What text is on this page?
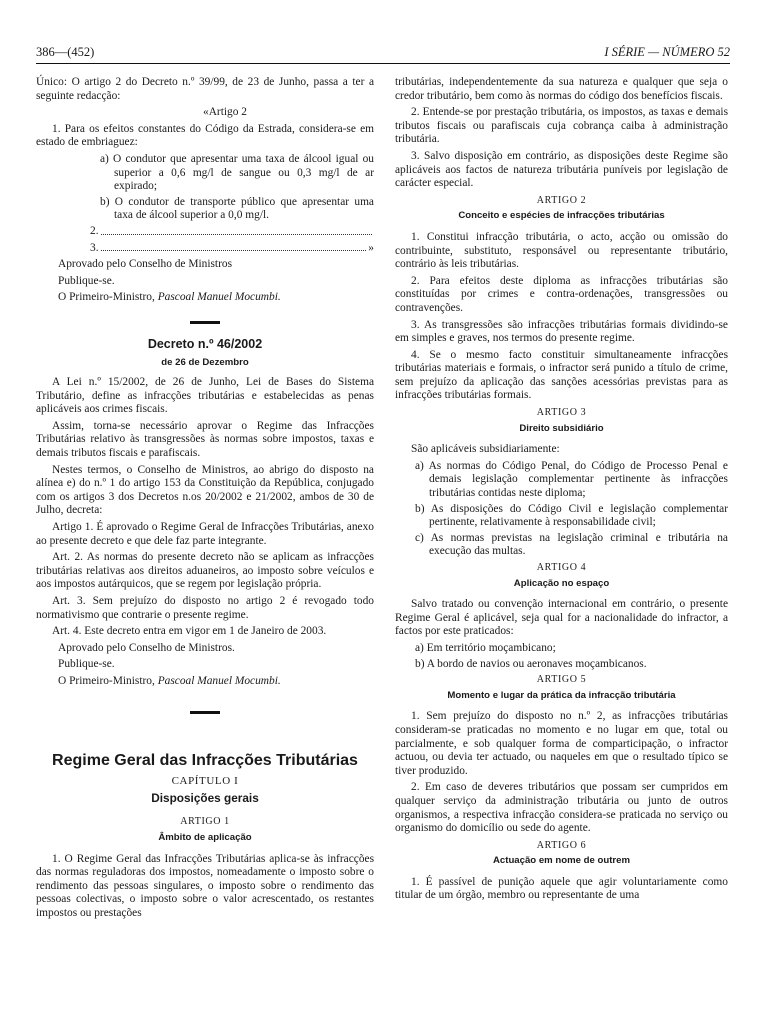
386—(452)	I SÉRIE — NÚMERO 52

Único: O artigo 2 do Decreto n.º 39/99, de 23 de Junho, passa a ter a seguinte redacção:

«Artigo 2

1. Para os efeitos constantes do Código da Estrada, considera-se em estado de embriaguez:

a) O condutor que apresentar uma taxa de álcool igual ou superior a 0,6 mg/l de sangue ou 0,3 mg/l de ar expirado;

b) O condutor de transporte público que apresentar uma taxa de álcool superior a 0,0 mg/l.

2.
3.	»

Aprovado pelo Conselho de Ministros

Publique-se.

O Primeiro-Ministro, Pascoal Manuel Mocumbi.

Decreto n.º 46/2002
de 26 de Dezembro

A Lei n.º 15/2002, de 26 de Junho, Lei de Bases do Sistema Tributário, define as infracções tributárias e estabelecidas as penas aplicáveis aos crimes fiscais.

Assim, torna-se necessário aprovar o Regime das Infracções Tributárias relativo às transgressões às normas sobre impostos, taxas e demais tributos fiscais e parafiscais.

Nestes termos, o Conselho de Ministros, ao abrigo do disposto na alínea e) do n.º 1 do artigo 153 da Constituição da República, conjugado com os artigos 3 dos Decretos n.os 20/2002 e 21/2002, ambos de 30 de Julho, decreta:

Artigo 1. É aprovado o Regime Geral de Infracções Tributárias, anexo ao presente decreto e que dele faz parte integrante.

Art. 2. As normas do presente decreto não se aplicam as infracções tributárias relativas aos direitos aduaneiros, ao imposto sobre veículos e aos impostos autárquicos, que se regem por legislação própria.

Art. 3. Sem prejuízo do disposto no artigo 2 é revogado todo normativismo que contrarie o presente regime.

Art. 4. Este decreto entra em vigor em 1 de Janeiro de 2003.

Aprovado pelo Conselho de Ministros.

Publique-se.

O Primeiro-Ministro, Pascoal Manuel Mocumbi.

Regime Geral das Infracções Tributárias
CAPÍTULO I
Disposições gerais
ARTIGO 1
Âmbito de aplicação

1. O Regime Geral das Infracções Tributárias aplica-se às infracções das normas reguladoras dos impostos, nomeadamente o imposto sobre o rendimento das pessoas singulares, o imposto sobre o rendimento das pessoas colectivas, o imposto sobre o valor acrescentado, os restantes impostos ou prestações

tributárias, independentemente da sua natureza e qualquer que seja o credor tributário, bem como às normas do código dos benefícios fiscais.

2. Entende-se por prestação tributária, os impostos, as taxas e demais tributos fiscais ou parafiscais cuja cobrança caiba à administração tributária.

3. Salvo disposição em contrário, as disposições deste Regime são aplicáveis aos factos de natureza tributária puníveis por legislação de carácter especial.

ARTIGO 2
Conceito e espécies de infracções tributárias

1. Constitui infracção tributária, o acto, acção ou omissão do contribuinte, substituto, responsável ou representante tributário, contrário às leis tributárias.

2. Para efeitos deste diploma as infracções tributárias são constituídas por crimes e contra-ordenações, transgressões ou contravenções.

3. As transgressões são infracções tributárias formais dividindo-se em simples e graves, nos termos do presente regime.

4. Se o mesmo facto constituir simultaneamente infracções tributárias materiais e formais, o infractor será punido a título de crime, sem prejuízo da aplicação das sanções acessórias previstas para as infracções tributárias formais.

ARTIGO 3
Direito subsidiário

São aplicáveis subsidiariamente:

a) As normas do Código Penal, do Código de Processo Penal e demais legislação complementar pertinente às infracções tributárias contidas neste diploma;

b) As disposições do Código Civil e legislação complementar pertinente, relativamente à responsabilidade civil;

c) As normas previstas na legislação criminal e tributária na execução das multas.

ARTIGO 4
Aplicação no espaço

Salvo tratado ou convenção internacional em contrário, o presente Regime Geral é aplicável, seja qual for a nacionalidade do infractor, a factos por este praticados:

a) Em território moçambicano;

b) A bordo de navios ou aeronaves moçambicanos.

ARTIGO 5
Momento e lugar da prática da infracção tributária

1. Sem prejuízo do disposto no n.º 2, as infracções tributárias consideram-se praticadas no momento e no lugar em que, total ou parcialmente, e sob qualquer forma de comparticipação, o infractor actuou, ou devia ter actuado, ou naqueles em que o resultado típico se tiver produzido.

2. Em caso de deveres tributários que possam ser cumpridos em qualquer serviço da administração tributária ou junto de outros organismos, a respectiva infracção considera-se praticada no serviço ou organismo do domicílio ou sede do agente.

ARTIGO 6
Actuação em nome de outrem

1. É passível de punição aquele que agir voluntariamente como titular de um órgão, membro ou representante de uma
